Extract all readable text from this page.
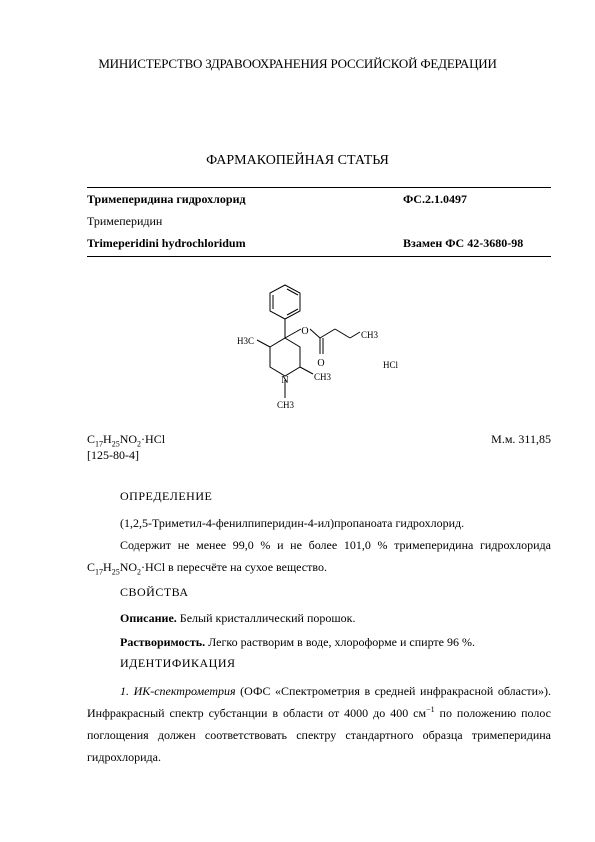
МИНИСТЕРСТВО ЗДРАВООХРАНЕНИЯ РОССИЙСКОЙ ФЕДЕРАЦИИ
ФАРМАКОПЕЙНАЯ СТАТЬЯ
Тримеперидина гидрохлорид	ФС.2.1.0497
Тримеперидин
Trimeperidini hydrochloridum	Взамен ФС 42-3680-98
O
O
N
H3C
CH3
CH3
CH3
HCl
$C_{17}H_{25}NO_2\cdot HCl$	М.м. 311,85
[125-80-4]
ОПРЕДЕЛЕНИЕ
(1,2,5-Триметил-4-фенилпиперидин-4-ил)пропаноата гидрохлорид.
Содержит не менее 99,0 % и не более 101,0 % тримеперидина гидрохлорида $C_{17}H_{25}NO_2\cdot HCl$ в пересчёте на сухое вещество.
СВОЙСТВА
Описание. Белый кристаллический порошок.
Растворимость. Легко растворим в воде, хлороформе и спирте 96 %.
ИДЕНТИФИКАЦИЯ
1. ИК-спектрометрия (ОФС «Спектрометрия в средней инфракрасной области»). Инфракрасный спектр субстанции в области от 4000 до 400 $см^{-1}$ по положению полос поглощения должен соответствовать спектру стандартного образца тримеперидина гидрохлорида.
